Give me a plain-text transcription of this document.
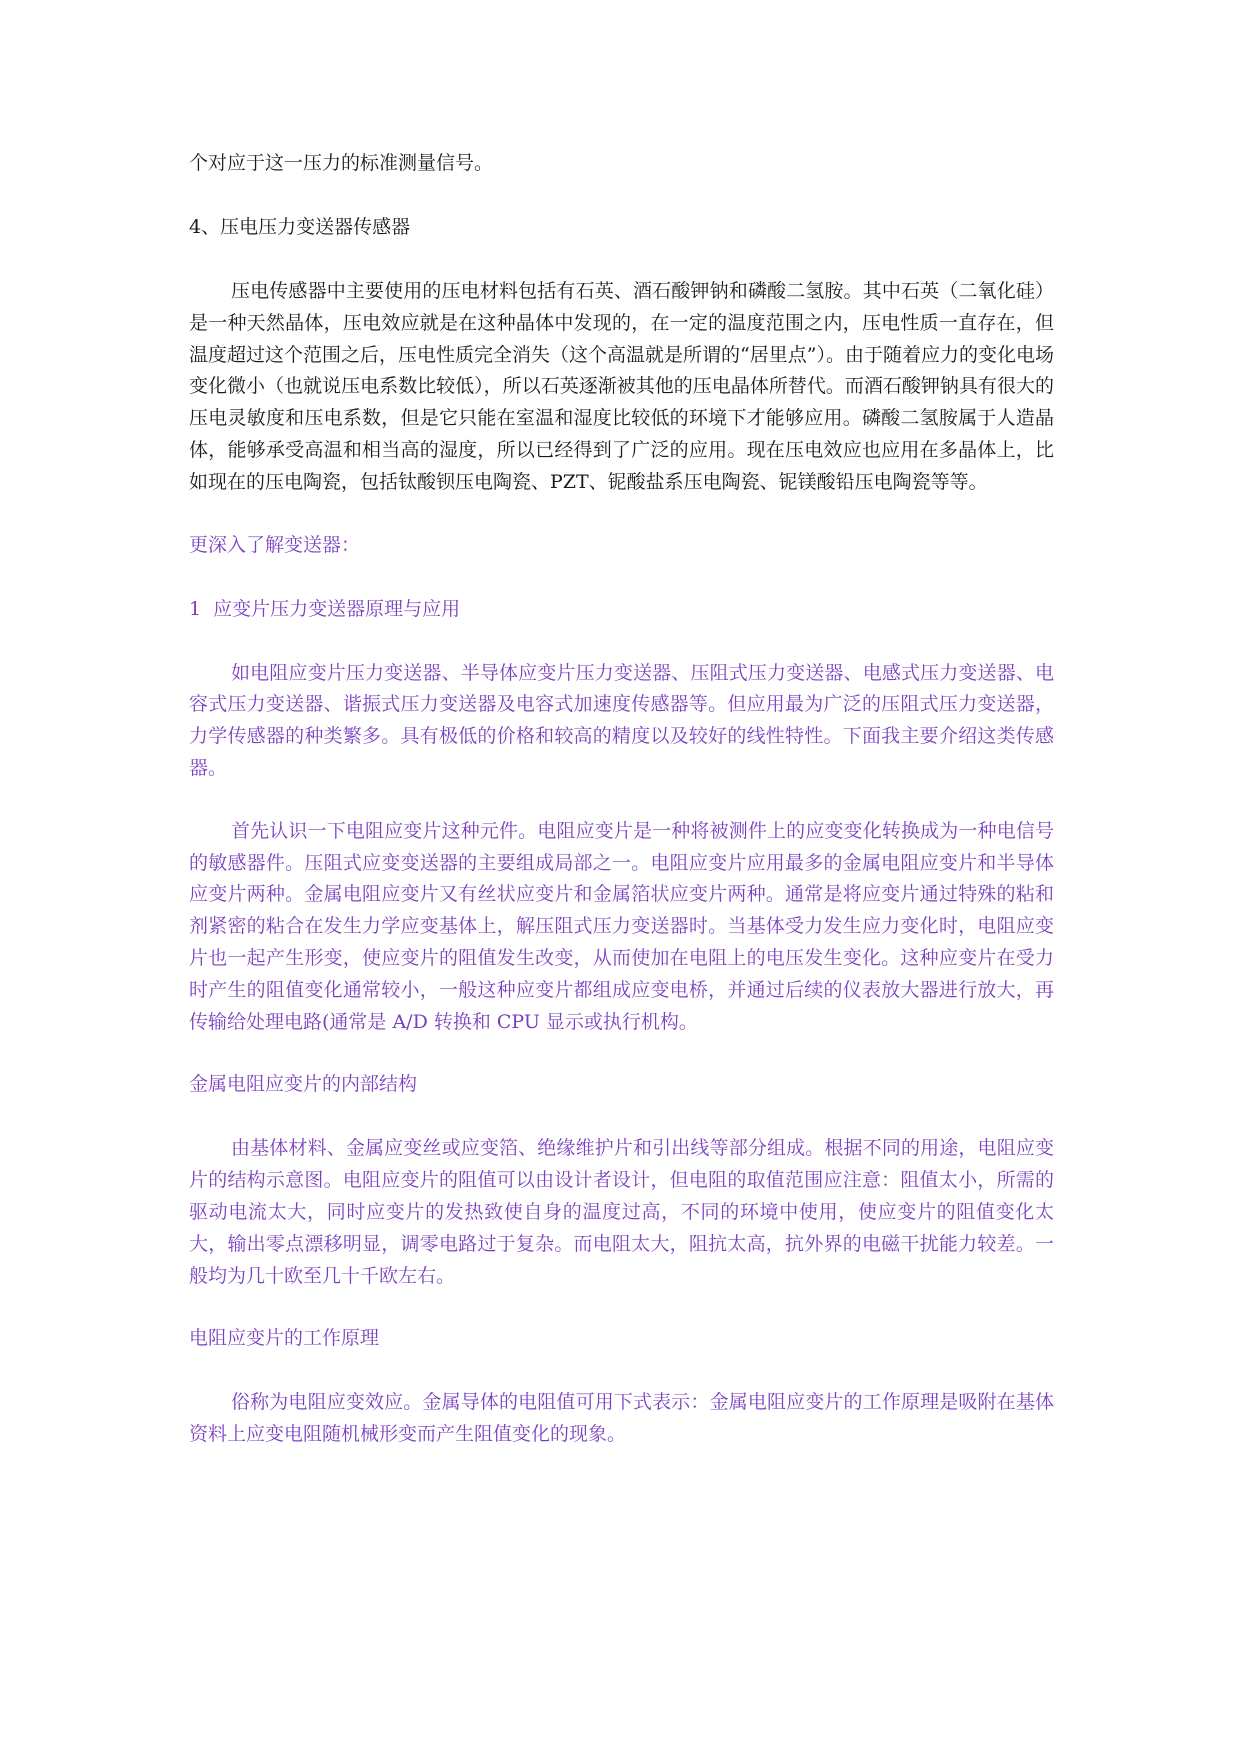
个对应于这一压力的标准测量信号。

4、压电压力变送器传感器

压电传感器中主要使用的压电材料包括有石英、酒石酸钾钠和磷酸二氢胺。其中石英（二氧化硅）是一种天然晶体，压电效应就是在这种晶体中发现的，在一定的温度范围之内，压电性质一直存在，但温度超过这个范围之后，压电性质完全消失（这个高温就是所谓的“居里点”）。由于随着应力的变化电场变化微小（也就说压电系数比较低），所以石英逐渐被其他的压电晶体所替代。而酒石酸钾钠具有很大的压电灵敏度和压电系数，但是它只能在室温和湿度比较低的环境下才能够应用。磷酸二氢胺属于人造晶体，能够承受高温和相当高的湿度，所以已经得到了广泛的应用。现在压电效应也应用在多晶体上，比如现在的压电陶瓷，包括钛酸钡压电陶瓷、PZT、铌酸盐系压电陶瓷、铌镁酸铅压电陶瓷等等。

更深入了解变送器：

1  应变片压力变送器原理与应用

如电阻应变片压力变送器、半导体应变片压力变送器、压阻式压力变送器、电感式压力变送器、电容式压力变送器、谐振式压力变送器及电容式加速度传感器等。但应用最为广泛的压阻式压力变送器，力学传感器的种类繁多。具有极低的价格和较高的精度以及较好的线性特性。下面我主要介绍这类传感器。

首先认识一下电阻应变片这种元件。电阻应变片是一种将被测件上的应变变化转换成为一种电信号的敏感器件。压阻式应变变送器的主要组成局部之一。电阻应变片应用最多的金属电阻应变片和半导体应变片两种。金属电阻应变片又有丝状应变片和金属箔状应变片两种。通常是将应变片通过特殊的粘和剂紧密的粘合在发生力学应变基体上，解压阻式压力变送器时。当基体受力发生应力变化时，电阻应变片也一起产生形变，使应变片的阻值发生改变，从而使加在电阻上的电压发生变化。这种应变片在受力时产生的阻值变化通常较小，一般这种应变片都组成应变电桥，并通过后续的仪表放大器进行放大，再传输给处理电路(通常是 A/D 转换和 CPU 显示或执行机构。

金属电阻应变片的内部结构

由基体材料、金属应变丝或应变箔、绝缘维护片和引出线等部分组成。根据不同的用途，电阻应变片的结构示意图。电阻应变片的阻值可以由设计者设计，但电阻的取值范围应注意：阻值太小，所需的驱动电流太大，同时应变片的发热致使自身的温度过高，不同的环境中使用，使应变片的阻值变化太大，输出零点漂移明显，调零电路过于复杂。而电阻太大，阻抗太高，抗外界的电磁干扰能力较差。一般均为几十欧至几十千欧左右。

电阻应变片的工作原理

俗称为电阻应变效应。金属导体的电阻值可用下式表示：金属电阻应变片的工作原理是吸附在基体资料上应变电阻随机械形变而产生阻值变化的现象。
